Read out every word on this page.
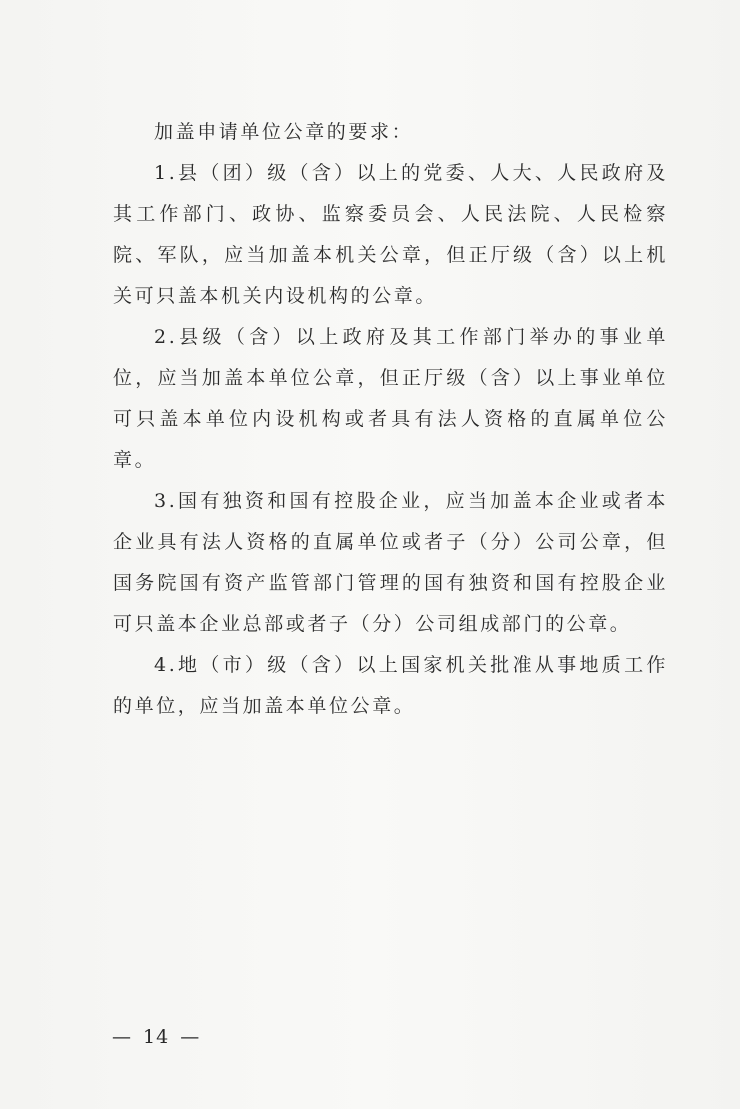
加盖申请单位公章的要求：

1.县（团）级（含）以上的党委、人大、人民政府及其工作部门、政协、监察委员会、人民法院、人民检察院、军队，应当加盖本机关公章，但正厅级（含）以上机关可只盖本机关内设机构的公章。

2.县级（含）以上政府及其工作部门举办的事业单位，应当加盖本单位公章，但正厅级（含）以上事业单位可只盖本单位内设机构或者具有法人资格的直属单位公章。

3.国有独资和国有控股企业，应当加盖本企业或者本企业具有法人资格的直属单位或者子（分）公司公章，但国务院国有资产监管部门管理的国有独资和国有控股企业可只盖本企业总部或者子（分）公司组成部门的公章。

4.地（市）级（含）以上国家机关批准从事地质工作的单位，应当加盖本单位公章。

— 14 —
